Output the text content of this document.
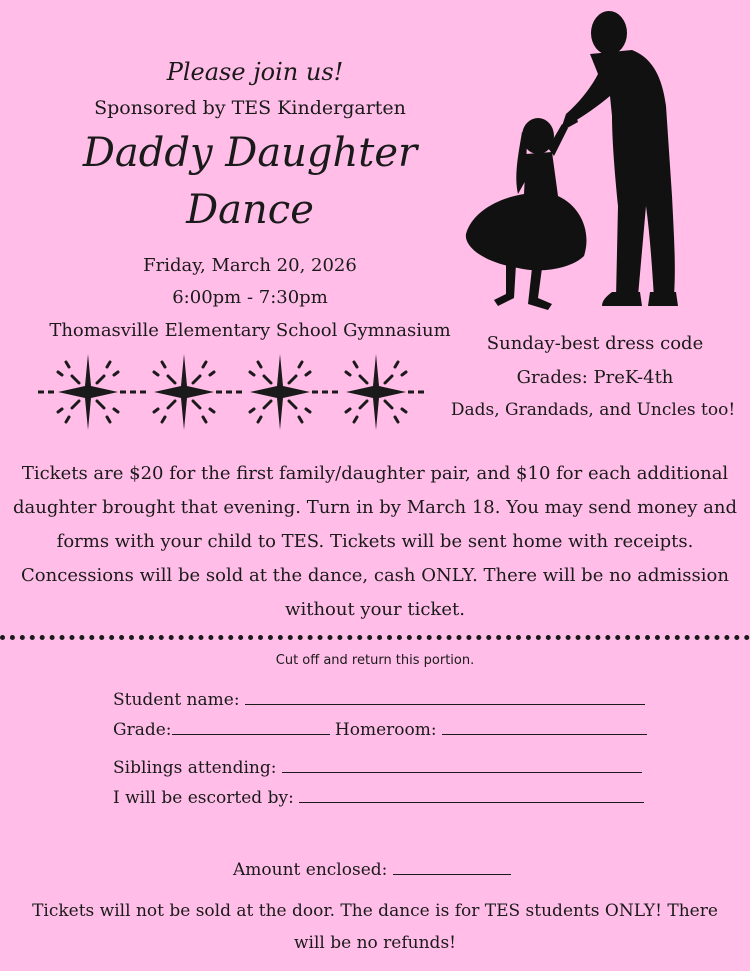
Please join us!
Sponsored by TES Kindergarten
Daddy Daughter
Dance
Friday, March 20, 2026
6:00pm - 7:30pm
Thomasville Elementary School Gymnasium
Sunday-best dress code
Grades: PreK-4th
Dads, Grandads, and Uncles too!
Tickets are $20 for the first family/daughter pair, and $10 for each additional daughter brought that evening. Turn in by March 18. You may send money and forms with your child to TES. Tickets will be sent home with receipts. Concessions will be sold at the dance, cash ONLY. There will be no admission without your ticket.
Cut off and return this portion.
Student name:
Grade:	Homeroom:
Siblings attending:
I will be escorted by:
Amount enclosed:
Tickets will not be sold at the door. The dance is for TES students ONLY! There will be no refunds!
